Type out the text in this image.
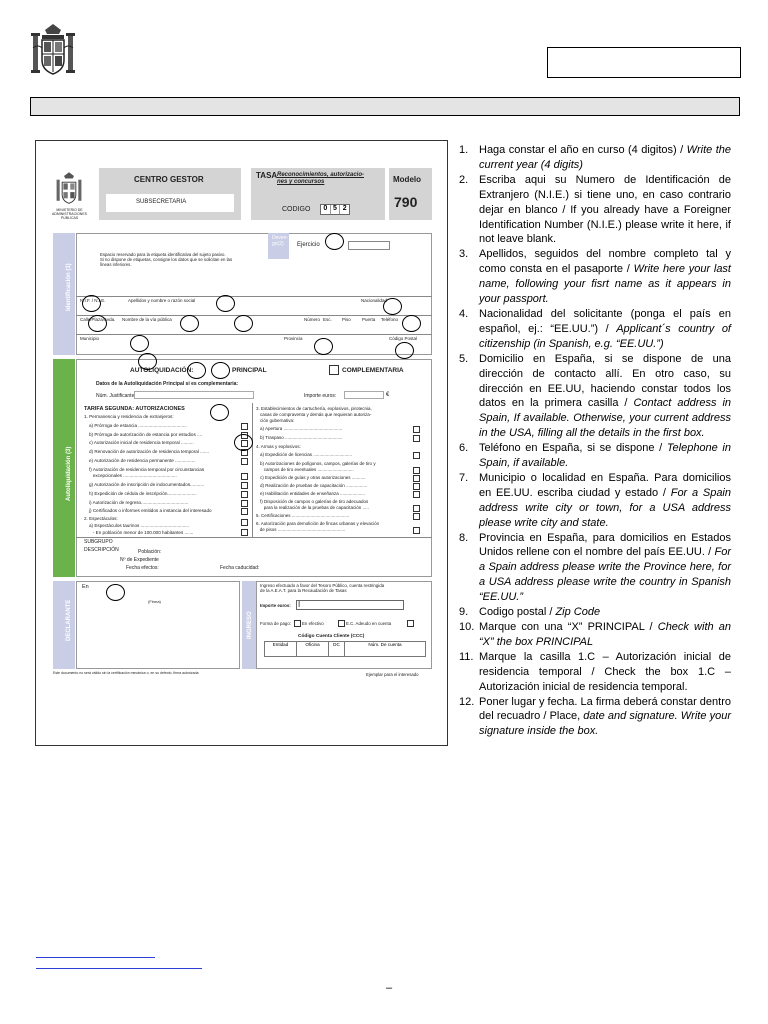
MINISTERIO DE
ADMINISTRACIONES
PÚBLICAS
CENTRO GESTOR
SUBSECRETARIA
TASA Reconocimientos, autorizacio-
nes y concursos
CODIGO	0 5 2
Modelo
790
Identificación (1)
Espacio reservado para la etiqueta identificativa del sujeto pasivo.
Si no dispone de etiquetas, consigne los datos que se solicitan en las
líneas inferiores.
Deven-
go(2)	Ejercicio
N.I.F. / N.I.E.	Apellidos y nombre o razón social	Nacionalidad
Calle/Plaza/Avda. Nombre de la vía pública	Número Esc. Piso Puerta Teléfono
Municipio	Provincia	Código Postal
Autoliquidación (3)
AUTOLIQUIDACIÓN:	PRINCIPAL	COMPLEMENTARIA
Datos de la Autoliquidación Principal si es complementaria:
Núm. Justificante	Importe euros:	€
TARIFA SEGUNDA: AUTORIZACIONES
1. Permanencia y residencia de extranjeros:
a) Prórroga de estancia ......................................
b) Prórroga de autorización de estancia por estudios ....
c) Autorización inicial de residencia temporal ..........
d) Renovación de autorización de residencia temporal .......
e) Autorización de residencia permanente ................
f) Autorización de residencia temporal por circunstancias
excepcionales ..........................................
g) Autorización de inscripción de indocumentados...........
h) Expedición de cédula de inscripción.......................
i) Autorización de regreso.....................................
j) Certificados o informes emitidos a instancia del interesado
2. Espectáculos:
a) Espectáculos taurinos ......................................
- En población menor de 100.000 habitantes .......
3. Establecimientos de cartuchería, explosivos, pirotecnia,
casas de compraventa y demás que requieran autoriza-
ción gubernativa:
a) Apertura ...............................................
b) Traspaso ..............................................
4. Armas y explosivos:
a) Expedición de licencias ...............................
b) Autorizaciones de polígonos, campos, galerías de tiro y
campos de tiro eventuales .............................
c) Expedición de guías y otras autorizaciones ...........
d) Realización de pruebas de capacitación .................
e) Habilitación entidades de enseñanza ....................
f) Disposición de campos o galerías de tiro adecuados
para la realización de la pruebas de capacitación .....
5. Certificaciones ..............................................
6. Autorización para demolición de fincas urbanas y elevación
de pisos ......................................................
SUBGRUPO
DESCRIPCIÓN	Población:
Nº de Expediente
Fecha efectos:	Fecha caducidad:
DECLARANTE
En
(Firma)
INGRESO
Ingreso efectuado a favor del Tesoro Público, cuenta restringida
de la A.E.A.T. para la Recaudación de Tasas
Importe euros: I
Forma de pago:	En efectivo	E.C. Adeudo en cuenta
Código Cuenta Cliente (CCC)
Entidad	Oficina	DC	Núm. De cuenta
Este documento no será válido sin la certificación mecánica o, en su defecto, firma autorizada	Ejemplar para el interesado
1. Haga constar el año en curso (4 digitos) / Write the current year (4 digits)
2. Escriba aqui su Numero de Identificación de Extranjero (N.I.E.) si tiene uno, en caso contrario dejar en blanco / If you already have a Foreigner Identification Number (N.I.E.) please write it here, if not leave blank.
3. Apellidos, seguidos del nombre completo tal y como consta en el pasaporte / Write here your last name, following your fisrt name as it appears in your passport.
4. Nacionalidad del solicitante (ponga el país en español, ej.: “EE.UU.”) / Applicant´s country of citizenship (in Spanish, e.g. “EE.UU.”)
5. Domicilio en España, si se dispone de una dirección de contacto allí. En otro caso, su dirección en EE.UU, haciendo constar todos los datos en la primera casilla / Contact address in Spain, If available. Otherwise, your current address in the USA, filling all the details in the first box.
6. Teléfono en España, si se dispone / Telephone in Spain, if available.
7. Municipio o localidad en España. Para domicilios en EE.UU. escriba ciudad y estado / For a Spain address write city or town, for a USA address please write city and state.
8. Provincia en España, para domicilios en Estados Unidos rellene con el nombre del país EE.UU. / For a Spain address please write the Province here, for a USA address please write the country in Spanish “EE.UU.”
9. Codigo postal / Zip Code
10. Marque con una “X” PRINCIPAL / Check with an “X” the box PRINCIPAL
11. Marque la casilla 1.C – Autorización inicial de residencia temporal / Check the box 1.C – Autorización inicial de residencia temporal.
12. Poner lugar y fecha. La firma deberá constar dentro del recuadro / Place, date and signature. Write your signature inside the box.
–
